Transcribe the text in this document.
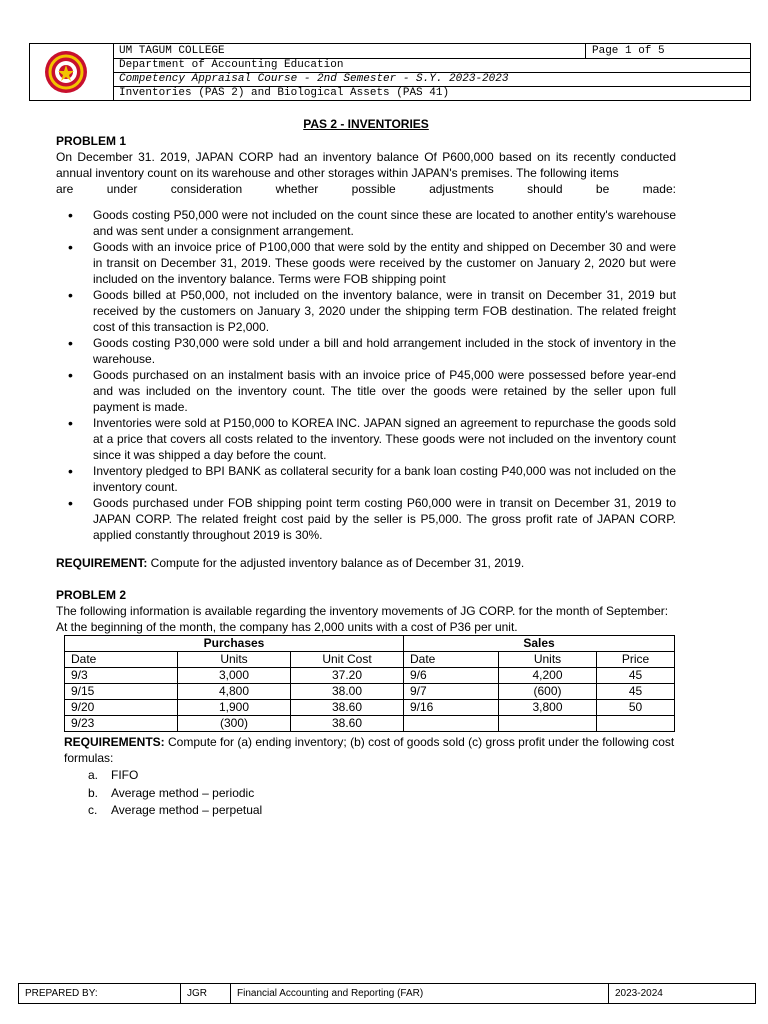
UM TAGUM COLLEGE	Page 1 of 5
Department of Accounting Education
Competency Appraisal Course - 2nd Semester - S.Y. 2023-2023
Inventories (PAS 2) and Biological Assets (PAS 41)

PAS 2 - INVENTORIES

PROBLEM 1

On December 31. 2019, JAPAN CORP had an inventory balance Of P600,000 based on its recently conducted annual inventory count on its warehouse and other storages within JAPAN's premises. The following items

are under consideration whether possible adjustments should be made:

• Goods costing P50,000 were not included on the count since these are located to another entity's warehouse and was sent under a consignment arrangement.
• Goods with an invoice price of P100,000 that were sold by the entity and shipped on December 30 and were in transit on December 31, 2019. These goods were received by the customer on January 2, 2020 but were included on the inventory balance. Terms were FOB shipping point
• Goods billed at P50,000, not included on the inventory balance, were in transit on December 31, 2019 but received by the customers on January 3, 2020 under the shipping term FOB destination. The related freight cost of this transaction is P2,000.
• Goods costing P30,000 were sold under a bill and hold arrangement included in the stock of inventory in the warehouse.
• Goods purchased on an instalment basis with an invoice price of P45,000 were possessed before year-end and was included on the inventory count. The title over the goods were retained by the seller upon full payment is made.
• Inventories were sold at P150,000 to KOREA INC. JAPAN signed an agreement to repurchase the goods sold at a price that covers all costs related to the inventory. These goods were not included on the inventory count since it was shipped a day before the count.
• Inventory pledged to BPI BANK as collateral security for a bank loan costing P40,000 was not included on the inventory count.
• Goods purchased under FOB shipping point term costing P60,000 were in transit on December 31, 2019 to JAPAN CORP. The related freight cost paid by the seller is P5,000. The gross profit rate of JAPAN CORP. applied constantly throughout 2019 is 30%.

REQUIREMENT: Compute for the adjusted inventory balance as of December 31, 2019.

PROBLEM 2

The following information is available regarding the inventory movements of JG CORP. for the month of September:

At the beginning of the month, the company has 2,000 units with a cost of P36 per unit.

Purchases			Sales		
Date	Units	Unit Cost	Date	Units	Price
9/3	3,000	37.20	9/6	4,200	45
9/15	4,800	38.00	9/7	(600)	45
9/20	1,900	38.60	9/16	3,800	50
9/23	(300)	38.60			

REQUIREMENTS: Compute for (a) ending inventory; (b) cost of goods sold (c) gross profit under the following cost formulas:

a. FIFO
b. Average method – periodic
c. Average method – perpetual
PREPARED BY:	JGR	Financial Accounting and Reporting (FAR)	2023-2024
